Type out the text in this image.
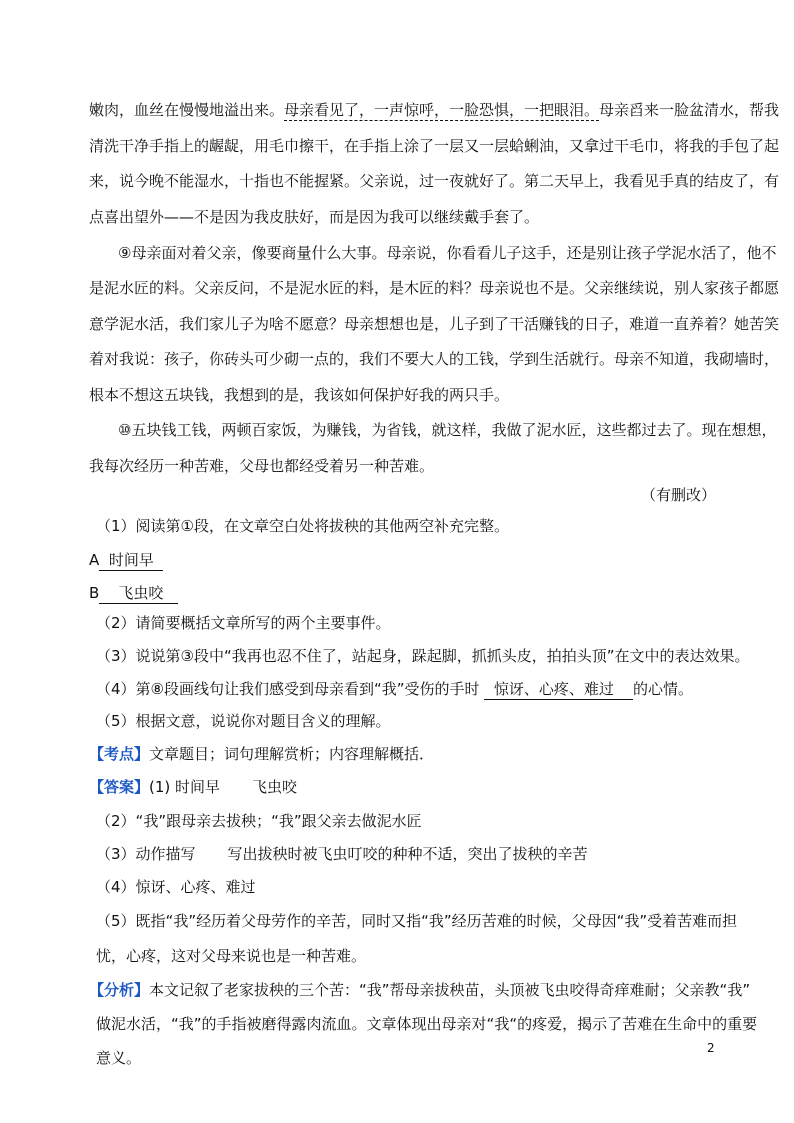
嫩肉，血丝在慢慢地溢出来。母亲看见了，一声惊呼，一脸恐惧，一把眼泪。母亲舀来一脸盆清水，帮我
清洗干净手指上的龌龊，用毛巾擦干，在手指上涂了一层又一层蛤蜊油，又拿过干毛巾，将我的手包了起
来，说今晚不能湿水，十指也不能握紧。父亲说，过一夜就好了。第二天早上，我看见手真的结皮了，有
点喜出望外——不是因为我皮肤好，而是因为我可以继续戴手套了。
⑨母亲面对着父亲，像要商量什么大事。母亲说，你看看儿子这手，还是别让孩子学泥水活了，他不
是泥水匠的料。父亲反问，不是泥水匠的料，是木匠的料？母亲说也不是。父亲继续说，别人家孩子都愿
意学泥水活，我们家儿子为啥不愿意？母亲想想也是，儿子到了干活赚钱的日子，难道一直养着？她苦笑
着对我说：孩子，你砖头可少砌一点的，我们不要大人的工钱，学到生活就行。母亲不知道，我砌墙时，
根本不想这五块钱，我想到的是，我该如何保护好我的两只手。
⑩五块钱工钱，两顿百家饭，为赚钱，为省钱，就这样，我做了泥水匠，这些都过去了。现在想想，
我每次经历一种苦难，父母也都经受着另一种苦难。
（有删改）
（1）阅读第①段，在文章空白处将拔秧的其他两空补充完整。
A 时间早
B 飞虫咬
（2）请简要概括文章所写的两个主要事件。
（3）说说第③段中“我再也忍不住了，站起身，跺起脚，抓抓头皮，拍拍头顶”在文中的表达效果。
（4）第⑧段画线句让我们感受到母亲看到“我”受伤的手时 惊讶、心疼、难过 的心情。
（5）根据文意，说说你对题目含义的理解。
【考点】文章题目；词句理解赏析；内容理解概括．
【答案】(1) 时间早 飞虫咬
（2）“我”跟母亲去拔秧；“我”跟父亲去做泥水匠
（3）动作描写 写出拔秧时被飞虫叮咬的种种不适，突出了拔秧的辛苦
（4）惊讶、心疼、难过
（5）既指“我”经历着父母劳作的辛苦，同时又指“我”经历苦难的时候，父母因“我”受着苦难而担
忧，心疼，这对父母来说也是一种苦难。
【分析】本文记叙了老家拔秧的三个苦：“我”帮母亲拔秧苗，头顶被飞虫咬得奇痒难耐；父亲教“我”
做泥水活，“我”的手指被磨得露肉流血。文章体现出母亲对“我“的疼爱，揭示了苦难在生命中的重要
意义。
2
